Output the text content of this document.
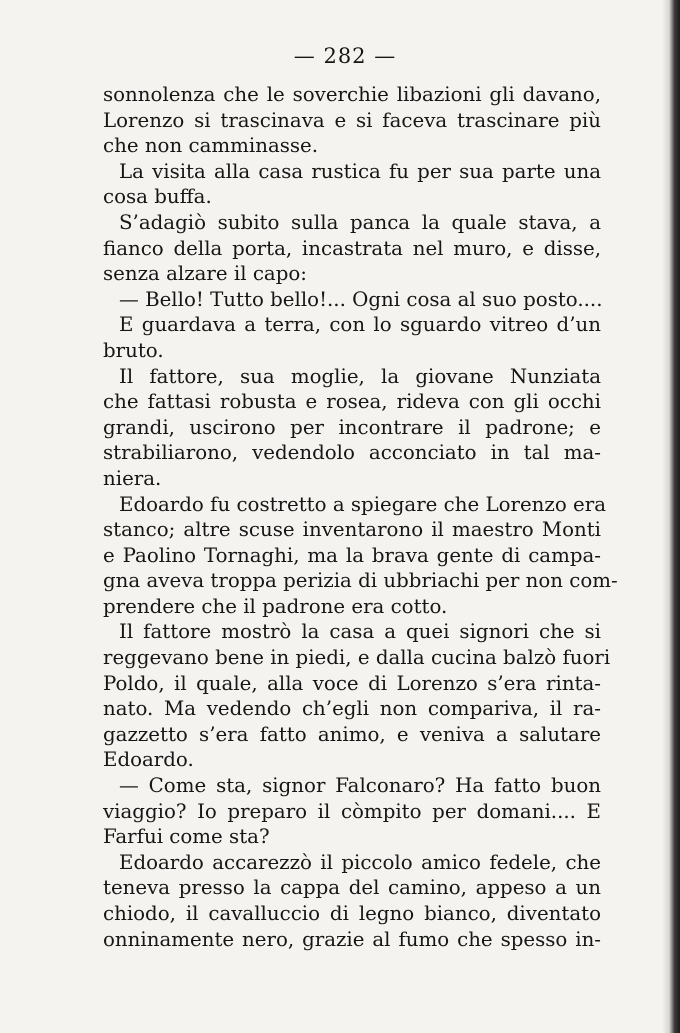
— 282 —
sonnolenza che le soverchie libazioni gli davano,
Lorenzo si trascinava e si faceva trascinare più
che non camminasse.
La visita alla casa rustica fu per sua parte una
cosa buffa.
S’adagiò subito sulla panca la quale stava, a
fianco della porta, incastrata nel muro, e disse,
senza alzare il capo:
— Bello! Tutto bello!... Ogni cosa al suo posto....
E guardava a terra, con lo sguardo vitreo d’un
bruto.
Il fattore, sua moglie, la giovane Nunziata
che fattasi robusta e rosea, rideva con gli occhi
grandi, uscirono per incontrare il padrone; e
strabiliarono, vedendolo acconciato in tal ma-
niera.
Edoardo fu costretto a spiegare che Lorenzo era
stanco; altre scuse inventarono il maestro Monti
e Paolino Tornaghi, ma la brava gente di campa-
gna aveva troppa perizia di ubbriachi per non com-
prendere che il padrone era cotto.
Il fattore mostrò la casa a quei signori che si
reggevano bene in piedi, e dalla cucina balzò fuori
Poldo, il quale, alla voce di Lorenzo s’era rinta-
nato. Ma vedendo ch’egli non compariva, il ra-
gazzetto s’era fatto animo, e veniva a salutare
Edoardo.
— Come sta, signor Falconaro? Ha fatto buon
viaggio? Io preparo il còmpito per domani.... E
Farfui come sta?
Edoardo accarezzò il piccolo amico fedele, che
teneva presso la cappa del camino, appeso a un
chiodo, il cavalluccio di legno bianco, diventato
onninamente nero, grazie al fumo che spesso in-
